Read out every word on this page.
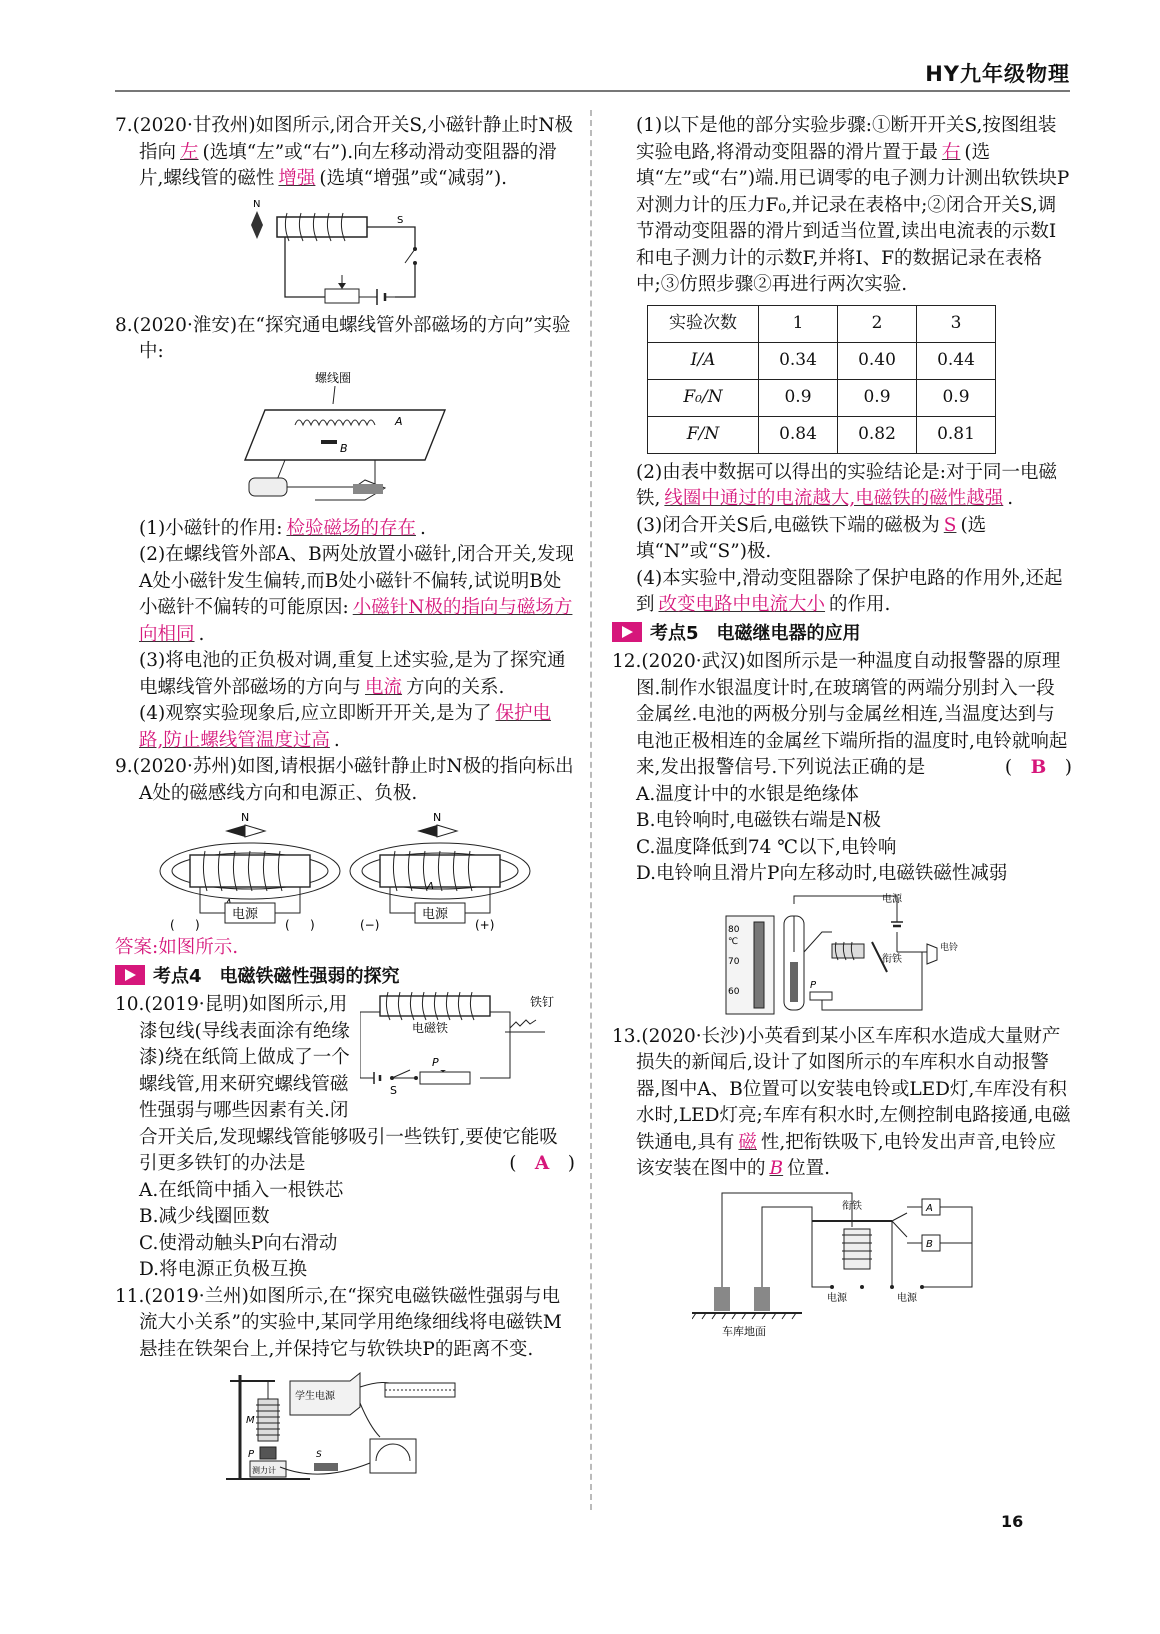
HY九年级物理

7.(2020·甘孜州)如图所示,闭合开关S,小磁针静止时N极指向 左 (选填“左”或“右”).向左移动滑动变阻器的滑片,螺线管的磁性 增强 (选填“增强”或“减弱”).

N
S

8.(2020·淮安)在“探究通电螺线管外部磁场的方向”实验中:

螺线圈
A
B

(1)小磁针的作用: 检验磁场的存在 .

(2)在螺线管外部A、B两处放置小磁针,闭合开关,发现A处小磁针发生偏转,而B处小磁针不偏转,试说明B处小磁针不偏转的可能原因: 小磁针N极的指向与磁场方向相同 .

(3)将电池的正负极对调,重复上述实验,是为了探究通电螺线管外部磁场的方向与 电流 方向的关系.

(4)观察实验现象后,应立即断开开关,是为了 保护电路,防止螺线管温度过高 .

9.(2020·苏州)如图,请根据小磁针静止时N极的指向标出A处的磁感线方向和电源正、负极.

N
电源
( )	( )
N
A
电源
(−)	(+)

答案:如图所示.

考点4　电磁铁磁性强弱的探究

电磁铁
铁钉
S
P

10.(2019·昆明)如图所示,用漆包线(导线表面涂有绝缘漆)绕在纸筒上做成了一个螺线管,用来研究螺线管磁性强弱与哪些因素有关.闭合开关后,发现螺线管能够吸引一些铁钉,要使它能吸引更多铁钉的办法是	(　A　)

A.在纸筒中插入一根铁芯

B.减少线圈匝数

C.使滑动触头P向右滑动

D.将电源正负极互换

11.(2019·兰州)如图所示,在“探究电磁铁磁性强弱与电流大小关系”的实验中,某同学用绝缘细线将电磁铁M悬挂在铁架台上,并保持它与软铁块P的距离不变.

M
P
测力计
学生电源
S

(1)以下是他的部分实验步骤:①断开开关S,按图组装实验电路,将滑动变阻器的滑片置于最 右 (选填“左”或“右”)端.用已调零的电子测力计测出软铁块P对测力计的压力F₀,并记录在表格中;②闭合开关S,调节滑动变阻器的滑片到适当位置,读出电流表的示数I和电子测力计的示数F,并将I、F的数据记录在表格中;③仿照步骤②再进行两次实验.

实验次数	1	2	3
I/A	0.34	0.40	0.44
F₀/N	0.9	0.9	0.9
F/N	0.84	0.82	0.81

(2)由表中数据可以得出的实验结论是:对于同一电磁铁, 线圈中通过的电流越大,电磁铁的磁性越强 .

(3)闭合开关S后,电磁铁下端的磁极为 S (选填“N”或“S”)极.

(4)本实验中,滑动变阻器除了保护电路的作用外,还起到 改变电路中电流大小 的作用.

考点5　电磁继电器的应用

12.(2020·武汉)如图所示是一种温度自动报警器的原理图.制作水银温度计时,在玻璃管的两端分别封入一段金属丝.电池的两极分别与金属丝相连,当温度达到与电池正极相连的金属丝下端所指的温度时,电铃就响起来,发出报警信号.下列说法正确的是	(　B　)

A.温度计中的水银是绝缘体

B.电铃响时,电磁铁右端是N极

C.温度降低到74 ℃以下,电铃响

D.电铃响且滑片P向左移动时,电磁铁磁性减弱

80
℃
70
60
P
电源
衔铁
电铃

13.(2020·长沙)小英看到某小区车库积水造成大量财产损失的新闻后,设计了如图所示的车库积水自动报警器,图中A、B位置可以安装电铃或LED灯,车库没有积水时,LED灯亮;车库有积水时,左侧控制电路接通,电磁铁通电,具有 磁 性,把衔铁吸下,电铃发出声音,电铃应该安装在图中的 B 位置.

衔铁	A
B
电源	电源
车库地面
16
